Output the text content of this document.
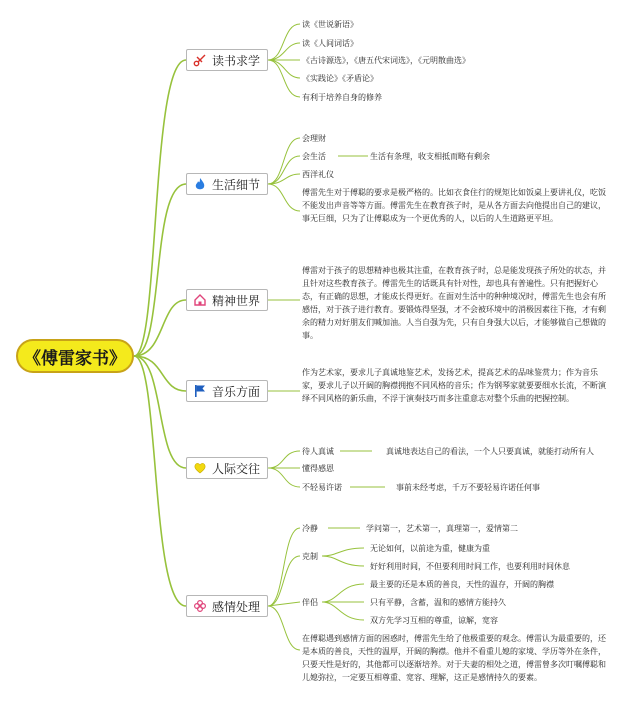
《傅雷家书》
读书求学
读《世说新语》
读《人间词话》
《古诗源选》，《唐五代宋词选》，《元明散曲选》
《实践论》《矛盾论》
有利于培养自身的修养
生活细节
会理财
会生活	生活有条理，收支相抵而略有剩余
西洋礼仪
傅雷先生对于傅聪的要求是极严格的。比如衣食住行的规矩比如饭桌上要讲礼仪，吃饭不能发出声音等等方面。傅雷先生在教育孩子时，是从各方面去向他提出自己的建议，事无巨细，只为了让傅聪成为一个更优秀的人，以后的人生道路更平坦。
精神世界
傅雷对于孩子的思想精神也极其注重，在教育孩子时，总是能发现孩子所处的状态，并且针对这些教育孩子。傅雷先生的话既具有针对性，却也具有普遍性。只有把握好心态，有正确的思想，才能成长得更好。在面对生活中的种种境况时，傅雷先生也会有所感悟，对于孩子进行教育。要锻炼得坚强，才不会被环境中的消极因素往下拖，才有剩余的精力对好朋友们喊加油。人当自强为先，只有自身强大以后，才能够做自己想做的事。
音乐方面
作为艺术家，要求儿子真诚地鉴艺术，发扬艺术，提高艺术的品味鉴赏力；作为音乐家，要求儿子以开阔的胸襟拥抱不同风格的音乐；作为钢琴家就要要细水长流，不断演绎不同风格的新乐曲，不浮于演奏技巧而多注重意志对整个乐曲的把握控制。
人际交往
待人真诚	真诚地表达自己的看法，一个人只要真诚，就能打动所有人
懂得感恩
不轻易许诺	事前未经考虑，千万不要轻易许诺任何事
感情处理
冷静	学问第一，艺术第一，真理第一，爱情第二
克制
无论如何，以前途为重，健康为重
好好利用时间，不但要利用时间工作，也要利用时间休息
伴侣
最主要的还是本质的善良，天性的温存，开阔的胸襟
只有平静，含蓄，温和的感情方能持久
双方先学习互相的尊重，谅解，宽容
在傅聪遇到感情方面的困惑时，傅雷先生给了他极重要的观念。傅雷认为最重要的，还是本质的善良，天性的温厚，开阔的胸襟。他并不看重儿媳的家境、学历等外在条件，只要天性是好的，其他都可以逐渐培养。对于夫妻的相处之道，傅雷曾多次叮嘱傅聪和儿媳弥拉，一定要互相尊重、宽容、理解，这正是感情持久的要素。
